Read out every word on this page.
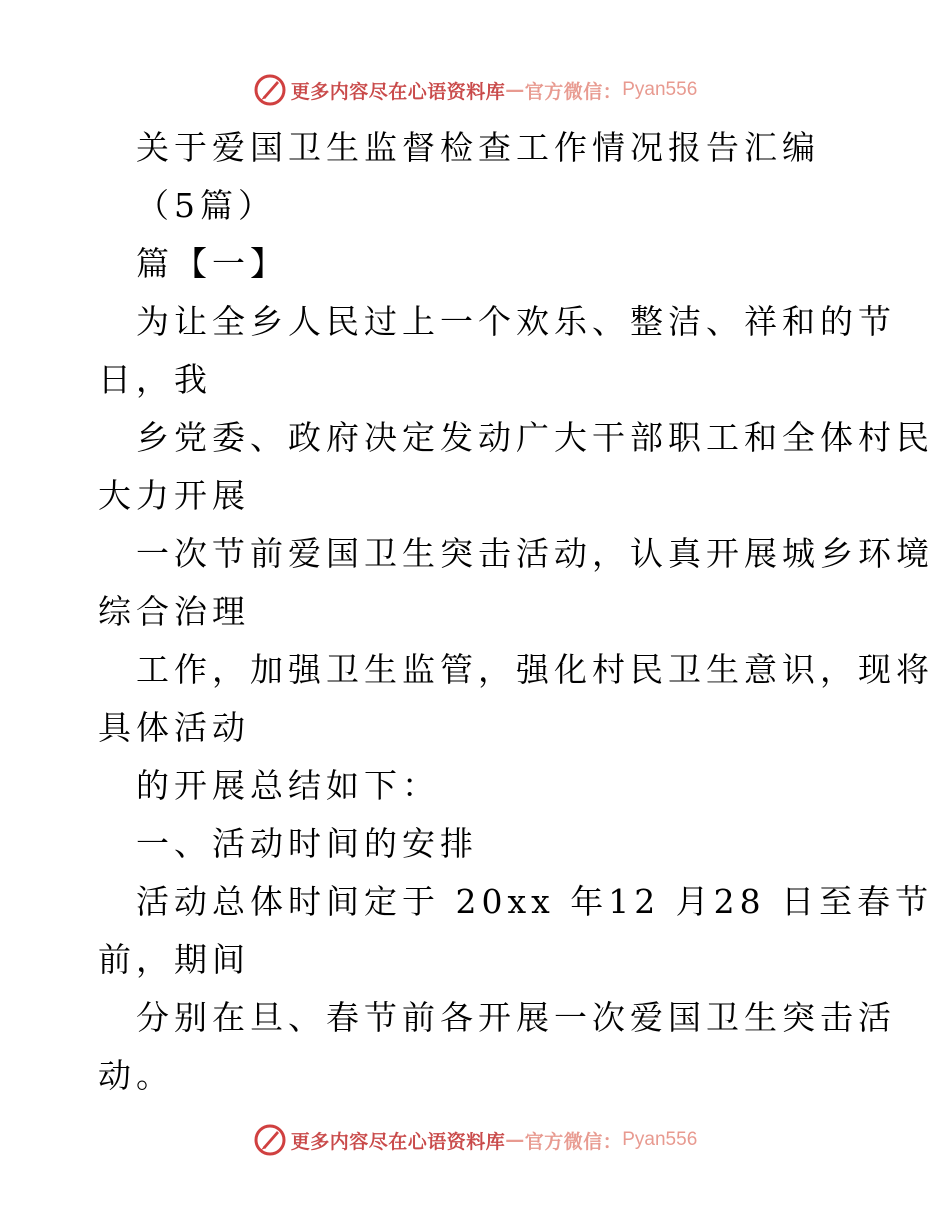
更多内容尽在心语资料库 — 官方微信： Pyan556
关于爱国卫生监督检查工作情况报告汇编
（5篇）
篇【一】
为让全乡人民过上一个欢乐、整洁、祥和的节
日，我
乡党委、政府决定发动广大干部职工和全体村民
大力开展
一次节前爱国卫生突击活动，认真开展城乡环境
综合治理
工作，加强卫生监管，强化村民卫生意识，现将
具体活动
的开展总结如下：
一、活动时间的安排
活动总体时间定于 20xx 年12 月28 日至春节
前，期间
分别在旦、春节前各开展一次爱国卫生突击活
动。
更多内容尽在心语资料库 — 官方微信： Pyan556
